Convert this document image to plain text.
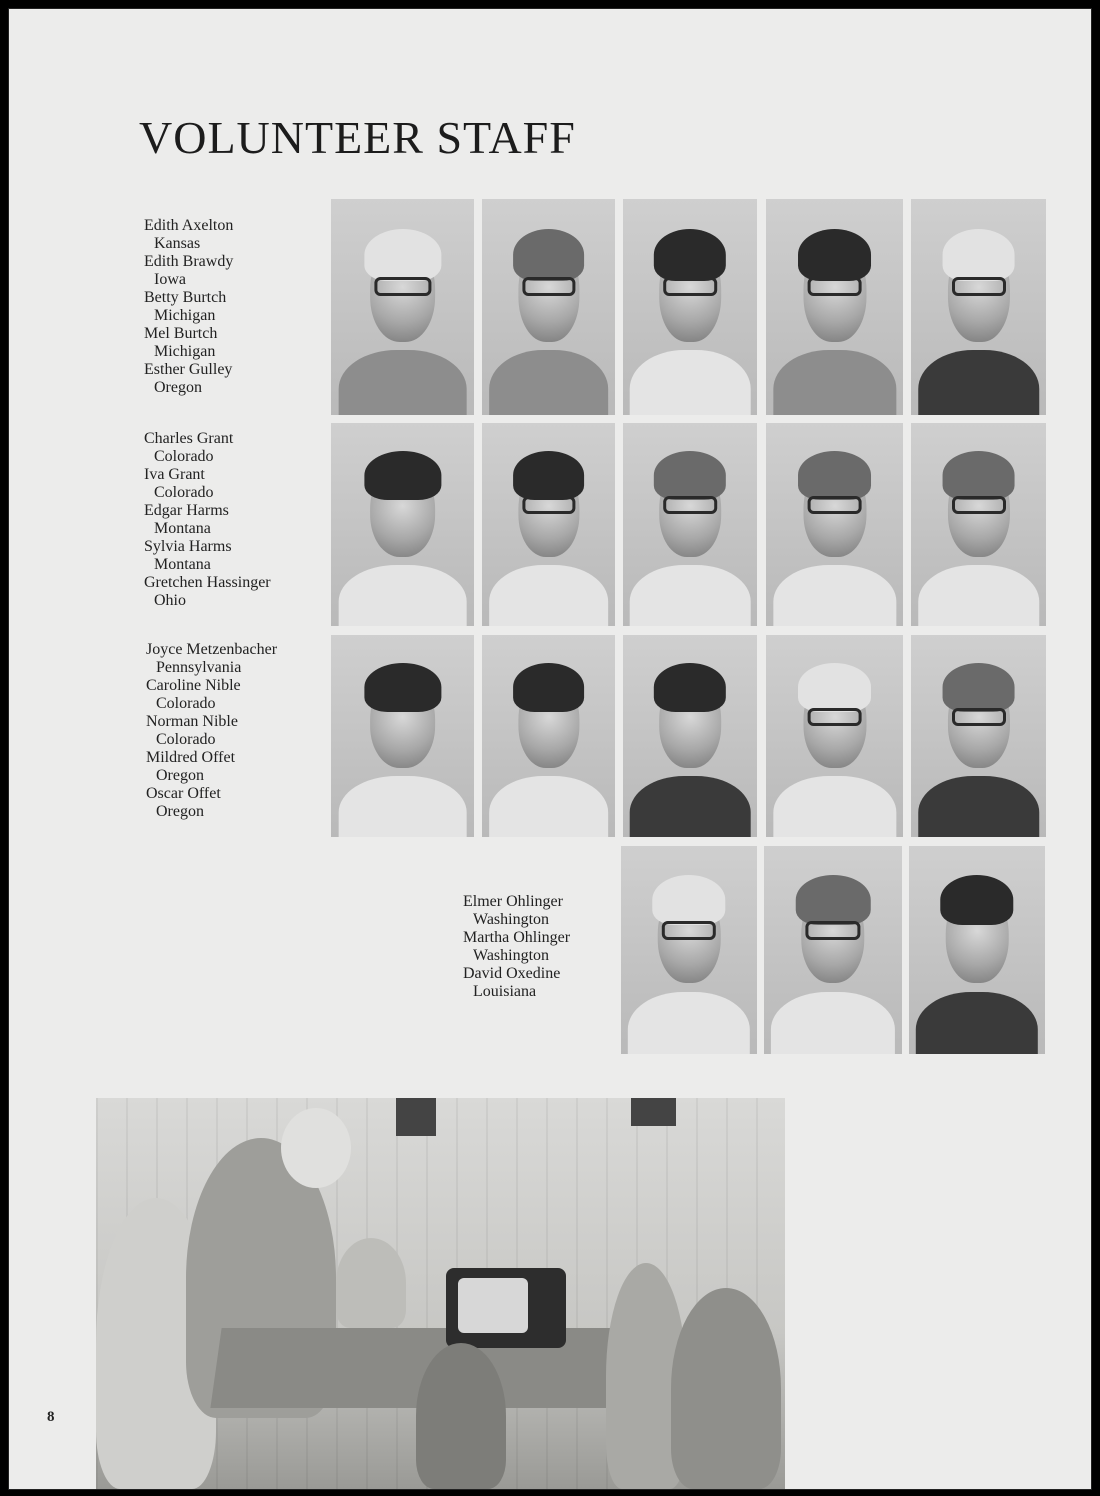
VOLUNTEER STAFF
Edith Axelton
Kansas
Edith Brawdy
Iowa
Betty Burtch
Michigan
Mel Burtch
Michigan
Esther Gulley
Oregon
Charles Grant
Colorado
Iva Grant
Colorado
Edgar Harms
Montana
Sylvia Harms
Montana
Gretchen Hassinger
Ohio
Joyce Metzenbacher
Pennsylvania
Caroline Nible
Colorado
Norman Nible
Colorado
Mildred Offet
Oregon
Oscar Offet
Oregon
Elmer Ohlinger
Washington
Martha Ohlinger
Washington
David Oxedine
Louisiana
8
